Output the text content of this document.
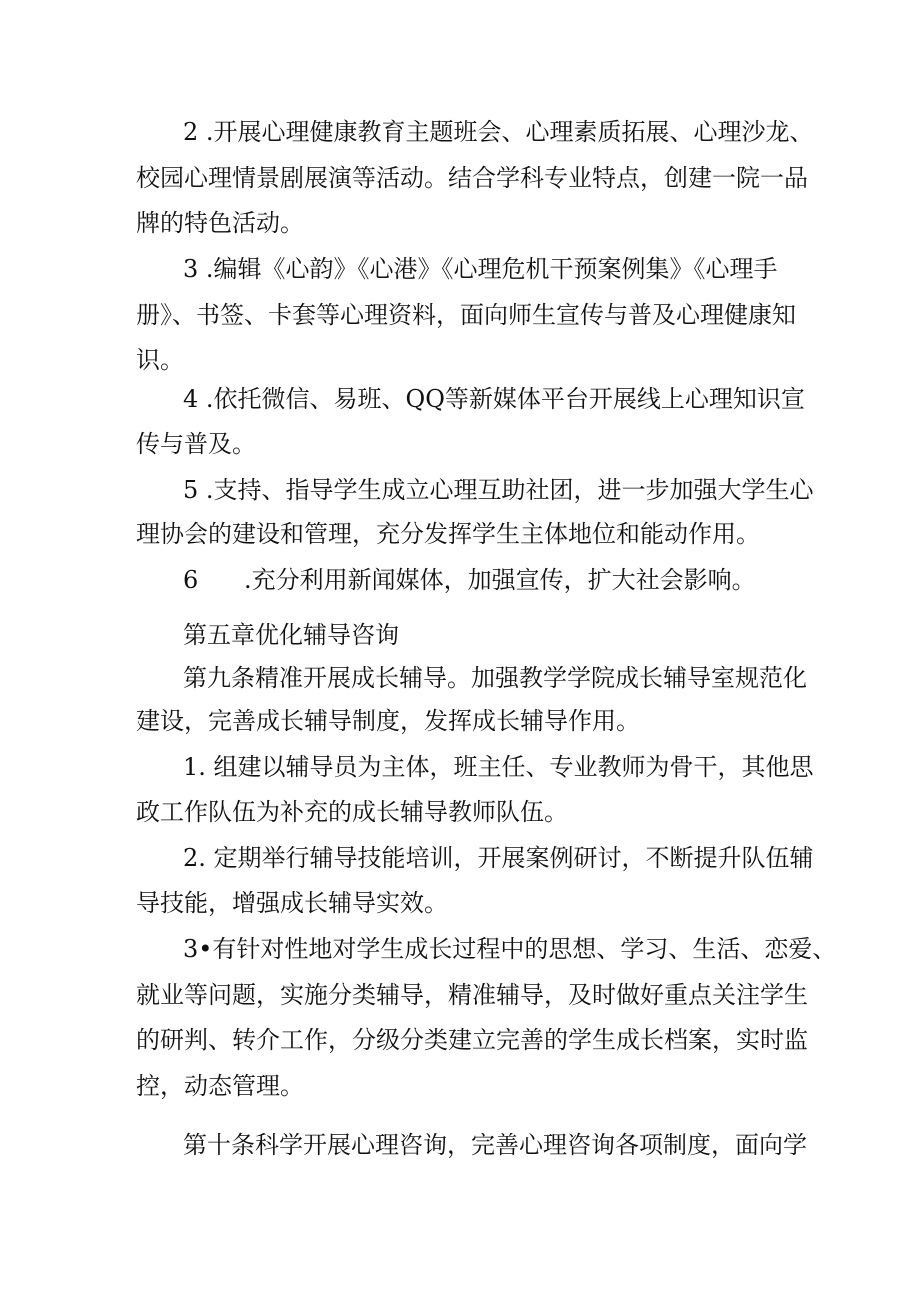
2 .开展心理健康教育主题班会、心理素质拓展、心理沙龙、
校园心理情景剧展演等活动。结合学科专业特点，创建一院一品
牌的特色活动。
3 .编辑《心韵》《心港》《心理危机干预案例集》《心理手
册》、书签、卡套等心理资料，面向师生宣传与普及心理健康知
识。
4 .依托微信、易班、QQ等新媒体平台开展线上心理知识宣
传与普及。
5 .支持、指导学生成立心理互助社团，进一步加强大学生心
理协会的建设和管理，充分发挥学生主体地位和能动作用。
6      .充分利用新闻媒体，加强宣传，扩大社会影响。
第五章优化辅导咨询
第九条精准开展成长辅导。加强教学学院成长辅导室规范化
建设，完善成长辅导制度，发挥成长辅导作用。
1. 组建以辅导员为主体，班主任、专业教师为骨干，其他思
政工作队伍为补充的成长辅导教师队伍。
2. 定期举行辅导技能培训，开展案例研讨，不断提升队伍辅
导技能，增强成长辅导实效。
3•有针对性地对学生成长过程中的思想、学习、生活、恋爱、
就业等问题，实施分类辅导，精准辅导，及时做好重点关注学生
的研判、转介工作，分级分类建立完善的学生成长档案，实时监
控，动态管理。
第十条科学开展心理咨询，完善心理咨询各项制度，面向学
